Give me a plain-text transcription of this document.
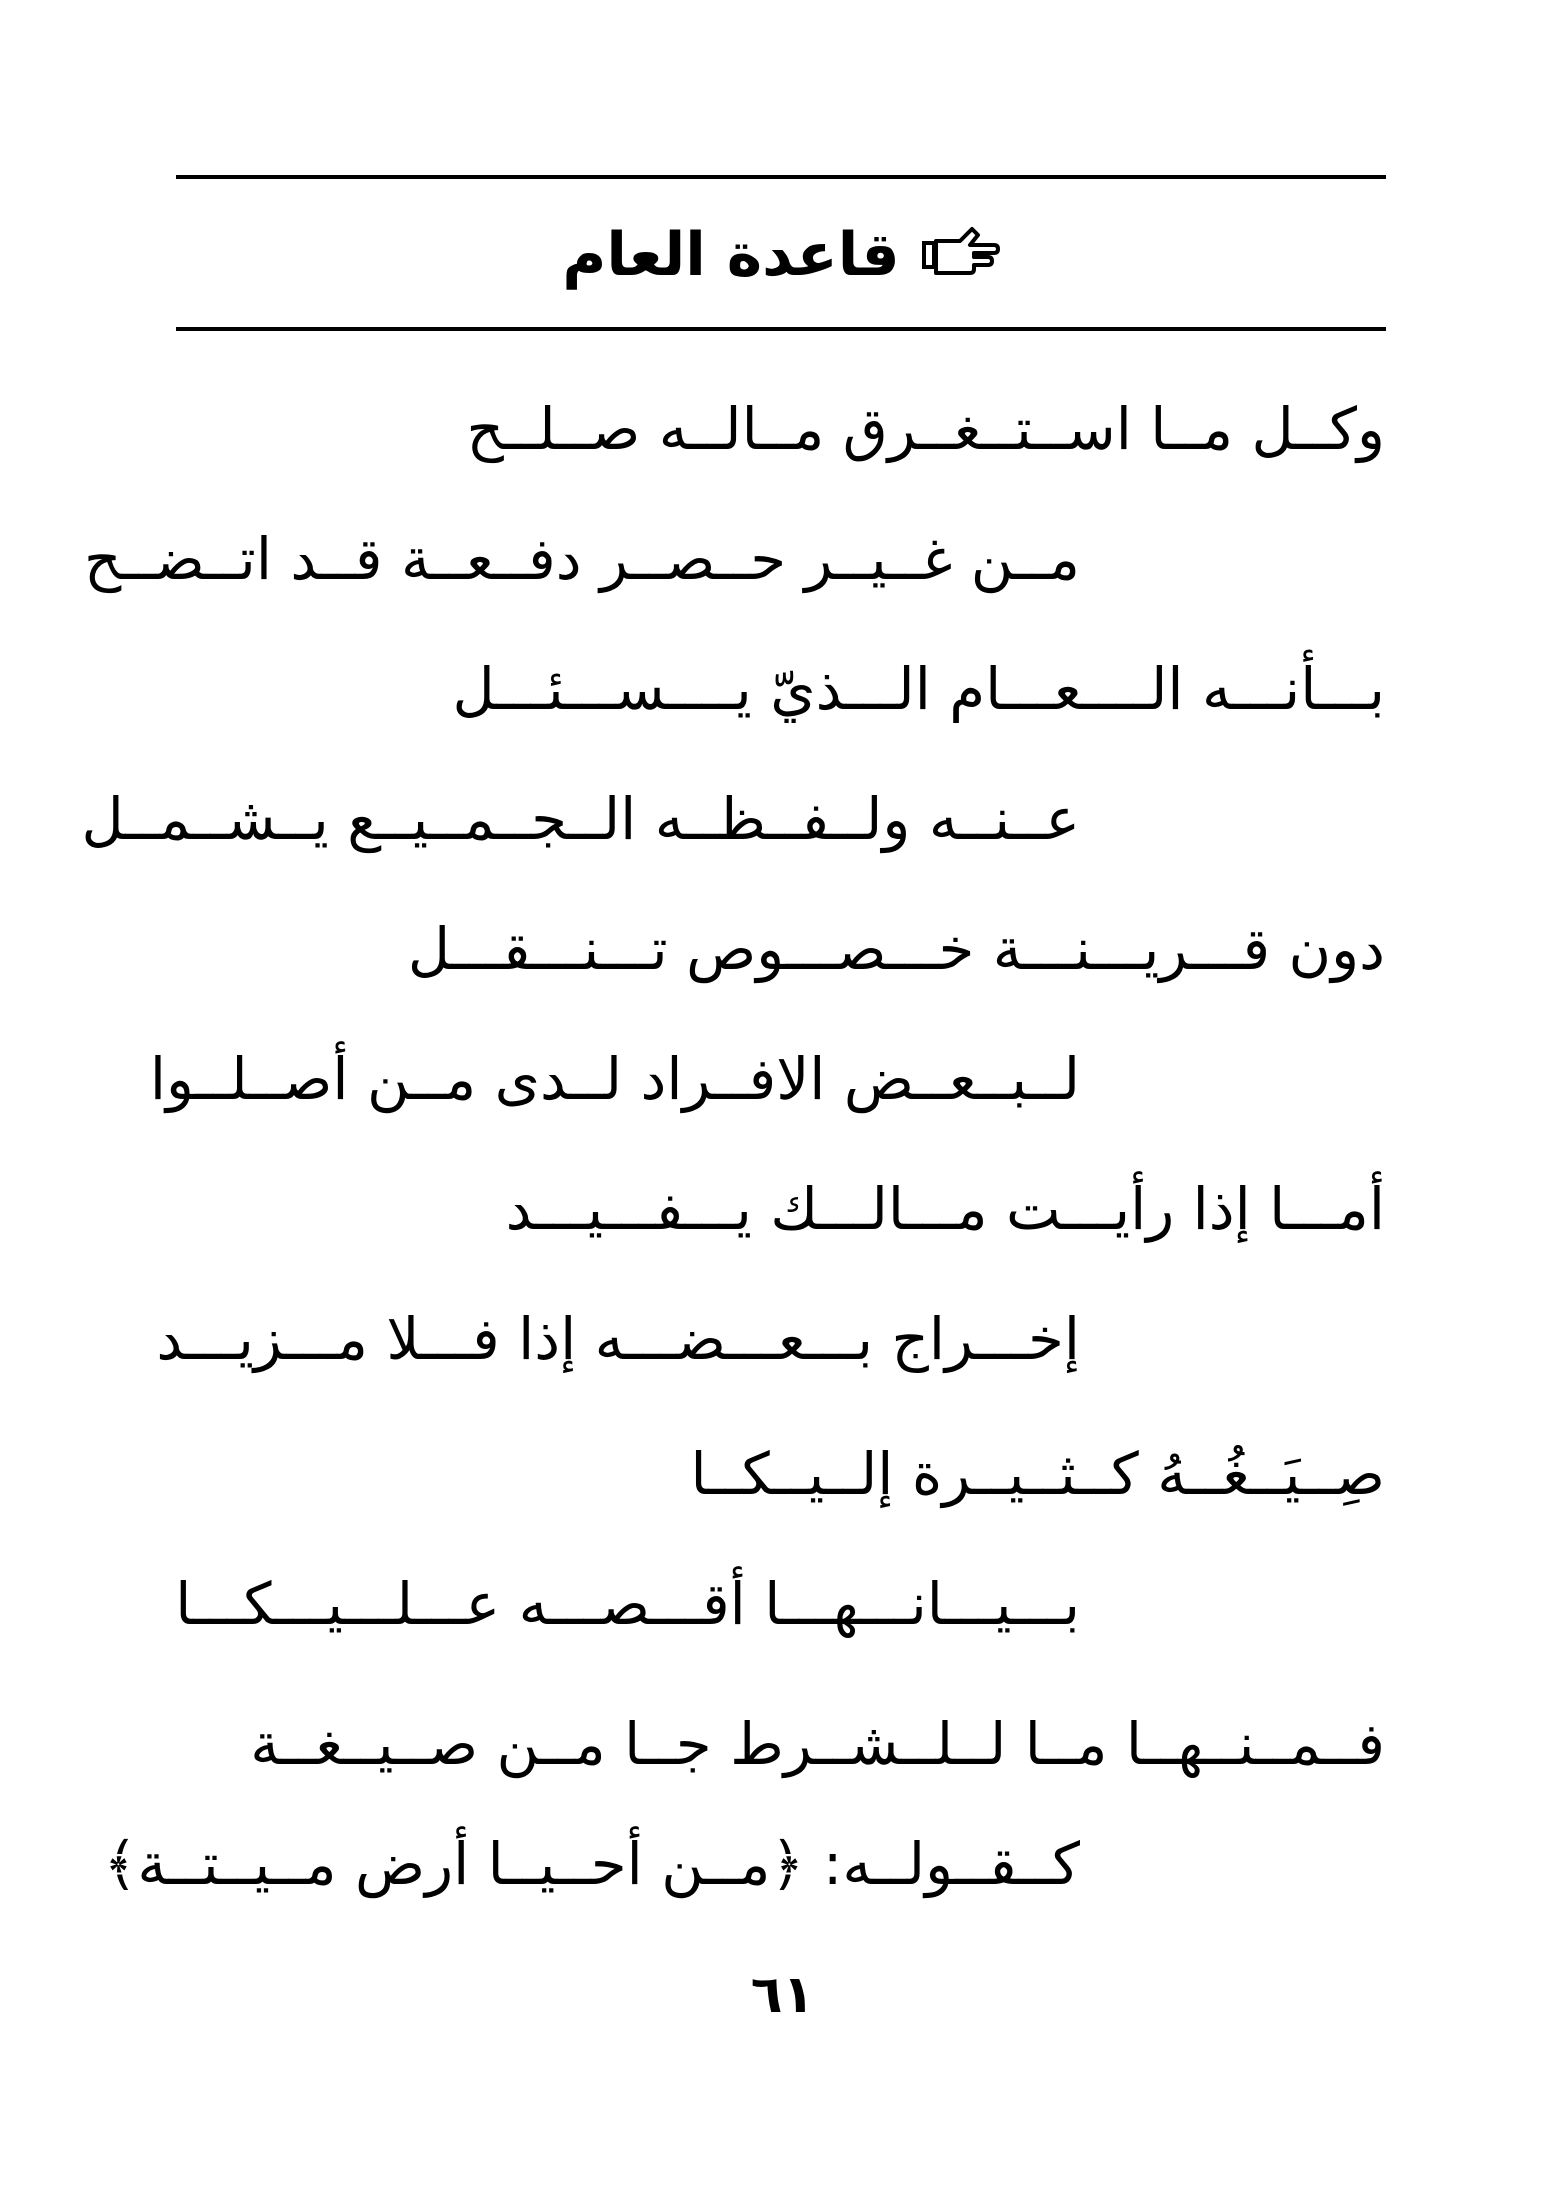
قاعدة العام
وكــل مــا اســتــغــرق مــالــه صــلــح
مــن غــيــر حــصــر دفــعــة قــد اتــضــح
بـــأنـــه الــــعـــام الـــذيّ يــــســـئـــل
عــنــه ولــفــظــه الــجــمــيــع يــشــمــل
دون قـــريـــنـــة خـــصـــوص تـــنـــقـــل
لــبــعــض الافــراد لــدى مــن أصــلــوا
أمـــا إذا رأيـــت مـــالـــك يـــفـــيـــد
إخـــراج بـــعـــضـــه إذا فـــلا مـــزيـــد
صِــيَــغُــهُ كــثــيــرة إلــيــكــا
بـــيـــانـــهـــا أقـــصـــه عـــلـــيـــكـــا
فــمــنــهــا مــا لــلــشــرط جــا مــن صــيــغــة
كــقــولــه: ﴿مــن أحــيــا أرض مــيــتــة﴾
٦١
